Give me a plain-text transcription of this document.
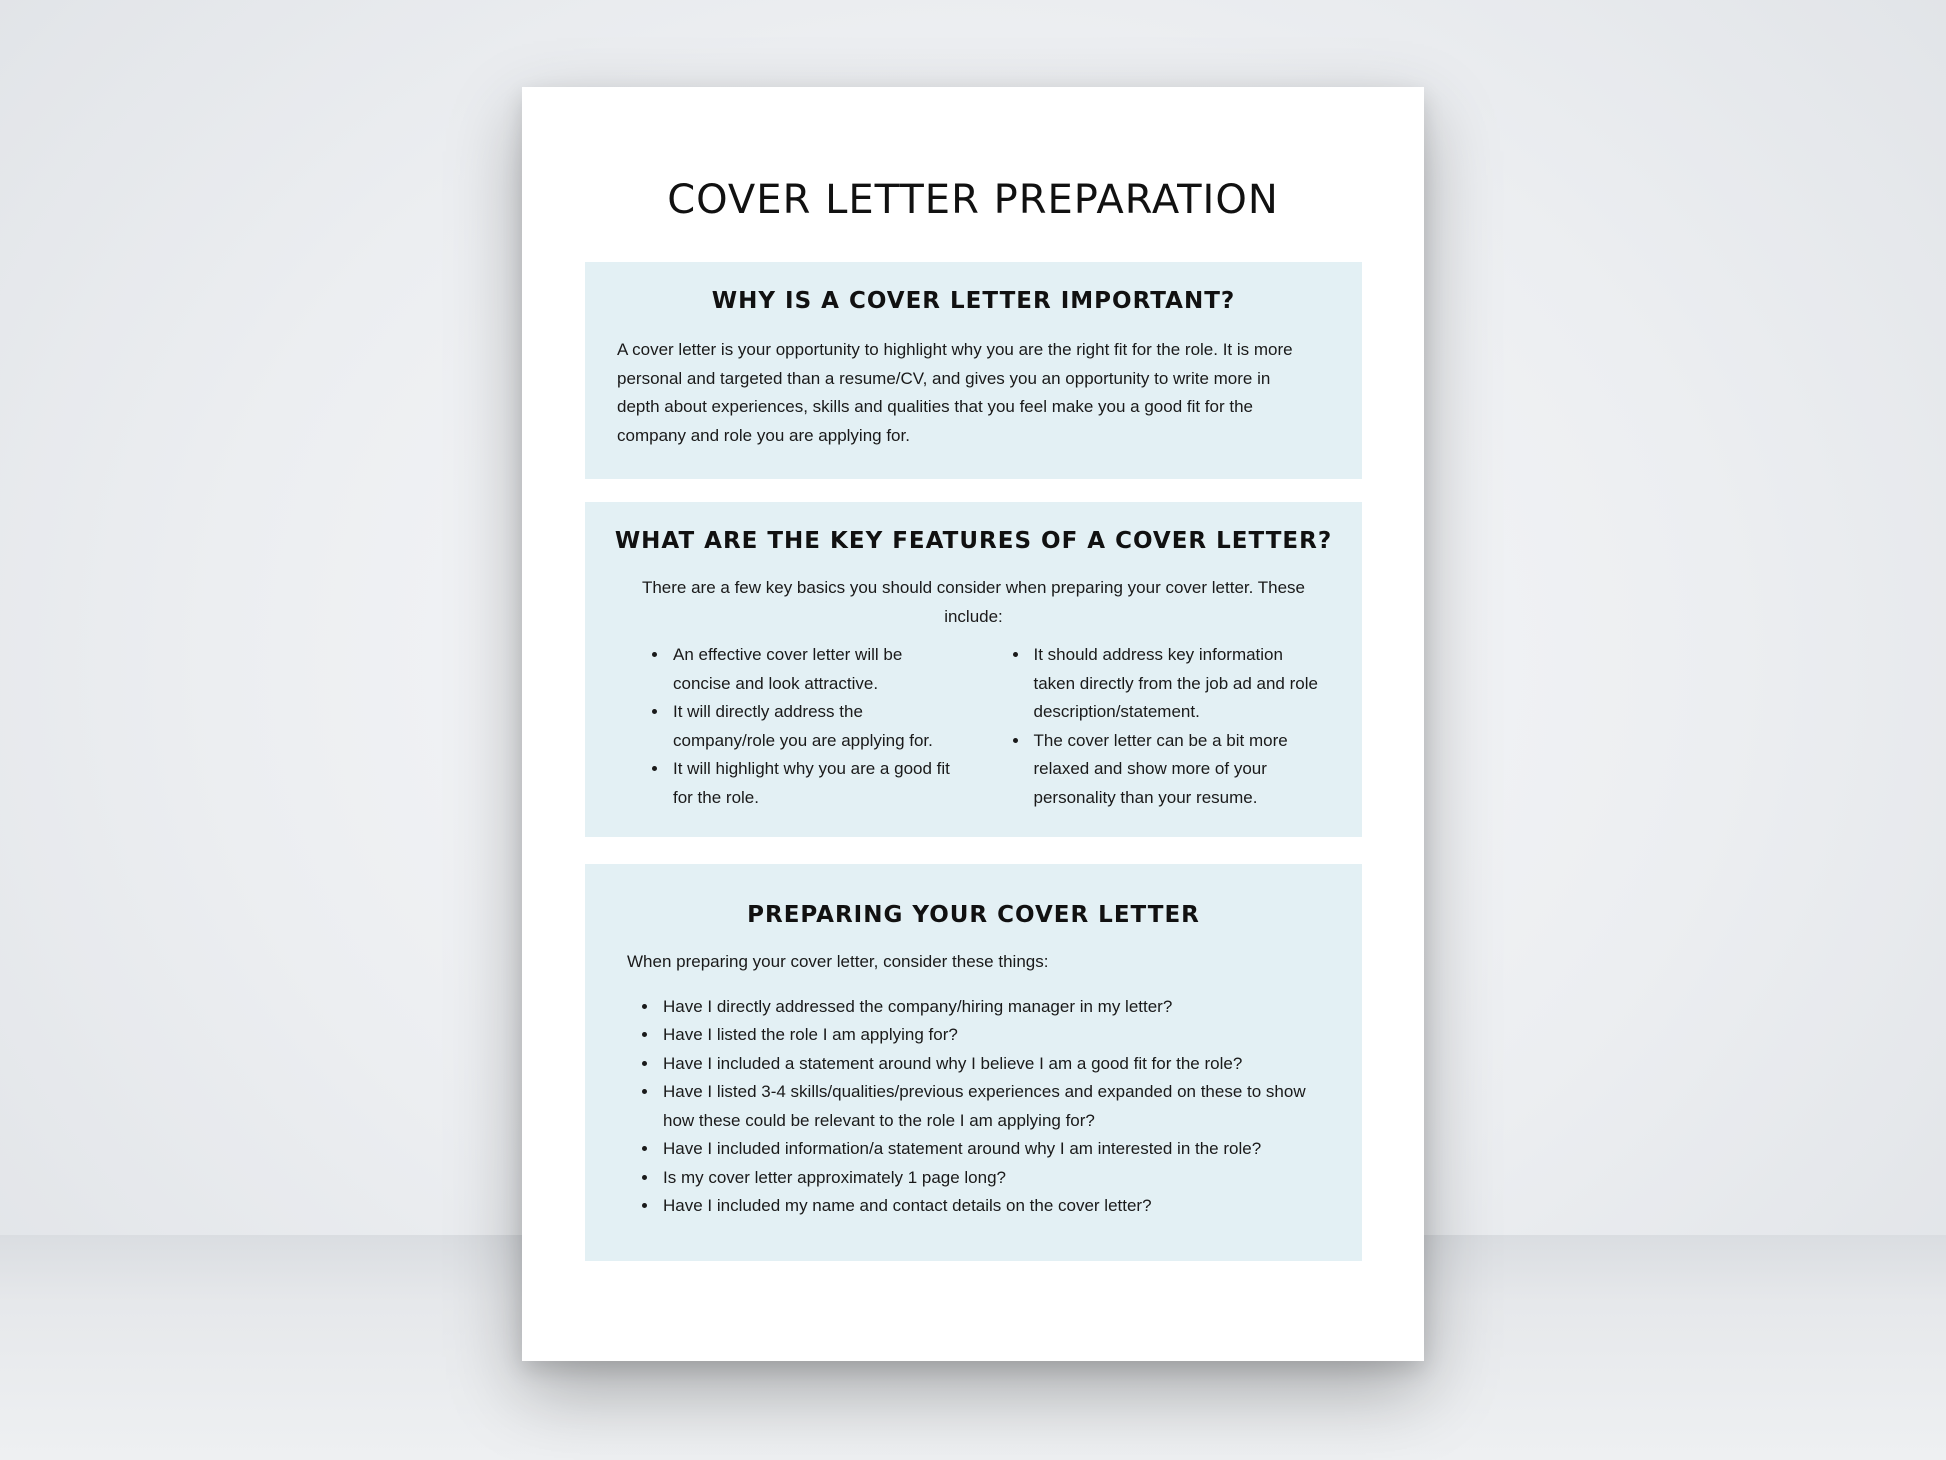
COVER LETTER PREPARATION
WHY IS A COVER LETTER IMPORTANT?

A cover letter is your opportunity to highlight why you are the right fit for the role. It is more personal and targeted than a resume/CV, and gives you an opportunity to write more in depth about experiences, skills and qualities that you feel make you a good fit for the company and role you are applying for.

WHAT ARE THE KEY FEATURES OF A COVER LETTER?

There are a few key basics you should consider when preparing your cover letter. These include:

• An effective cover letter will be concise and look attractive.
• It will directly address the company/role you are applying for.
• It will highlight why you are a good fit for the role.
• It should address key information taken directly from the job ad and role description/statement.
• The cover letter can be a bit more relaxed and show more of your personality than your resume.
PREPARING YOUR COVER LETTER

When preparing your cover letter, consider these things:

• Have I directly addressed the company/hiring manager in my letter?
• Have I listed the role I am applying for?
• Have I included a statement around why I believe I am a good fit for the role?
• Have I listed 3-4 skills/qualities/previous experiences and expanded on these to show how these could be relevant to the role I am applying for?
• Have I included information/a statement around why I am interested in the role?
• Is my cover letter approximately 1 page long?
• Have I included my name and contact details on the cover letter?
